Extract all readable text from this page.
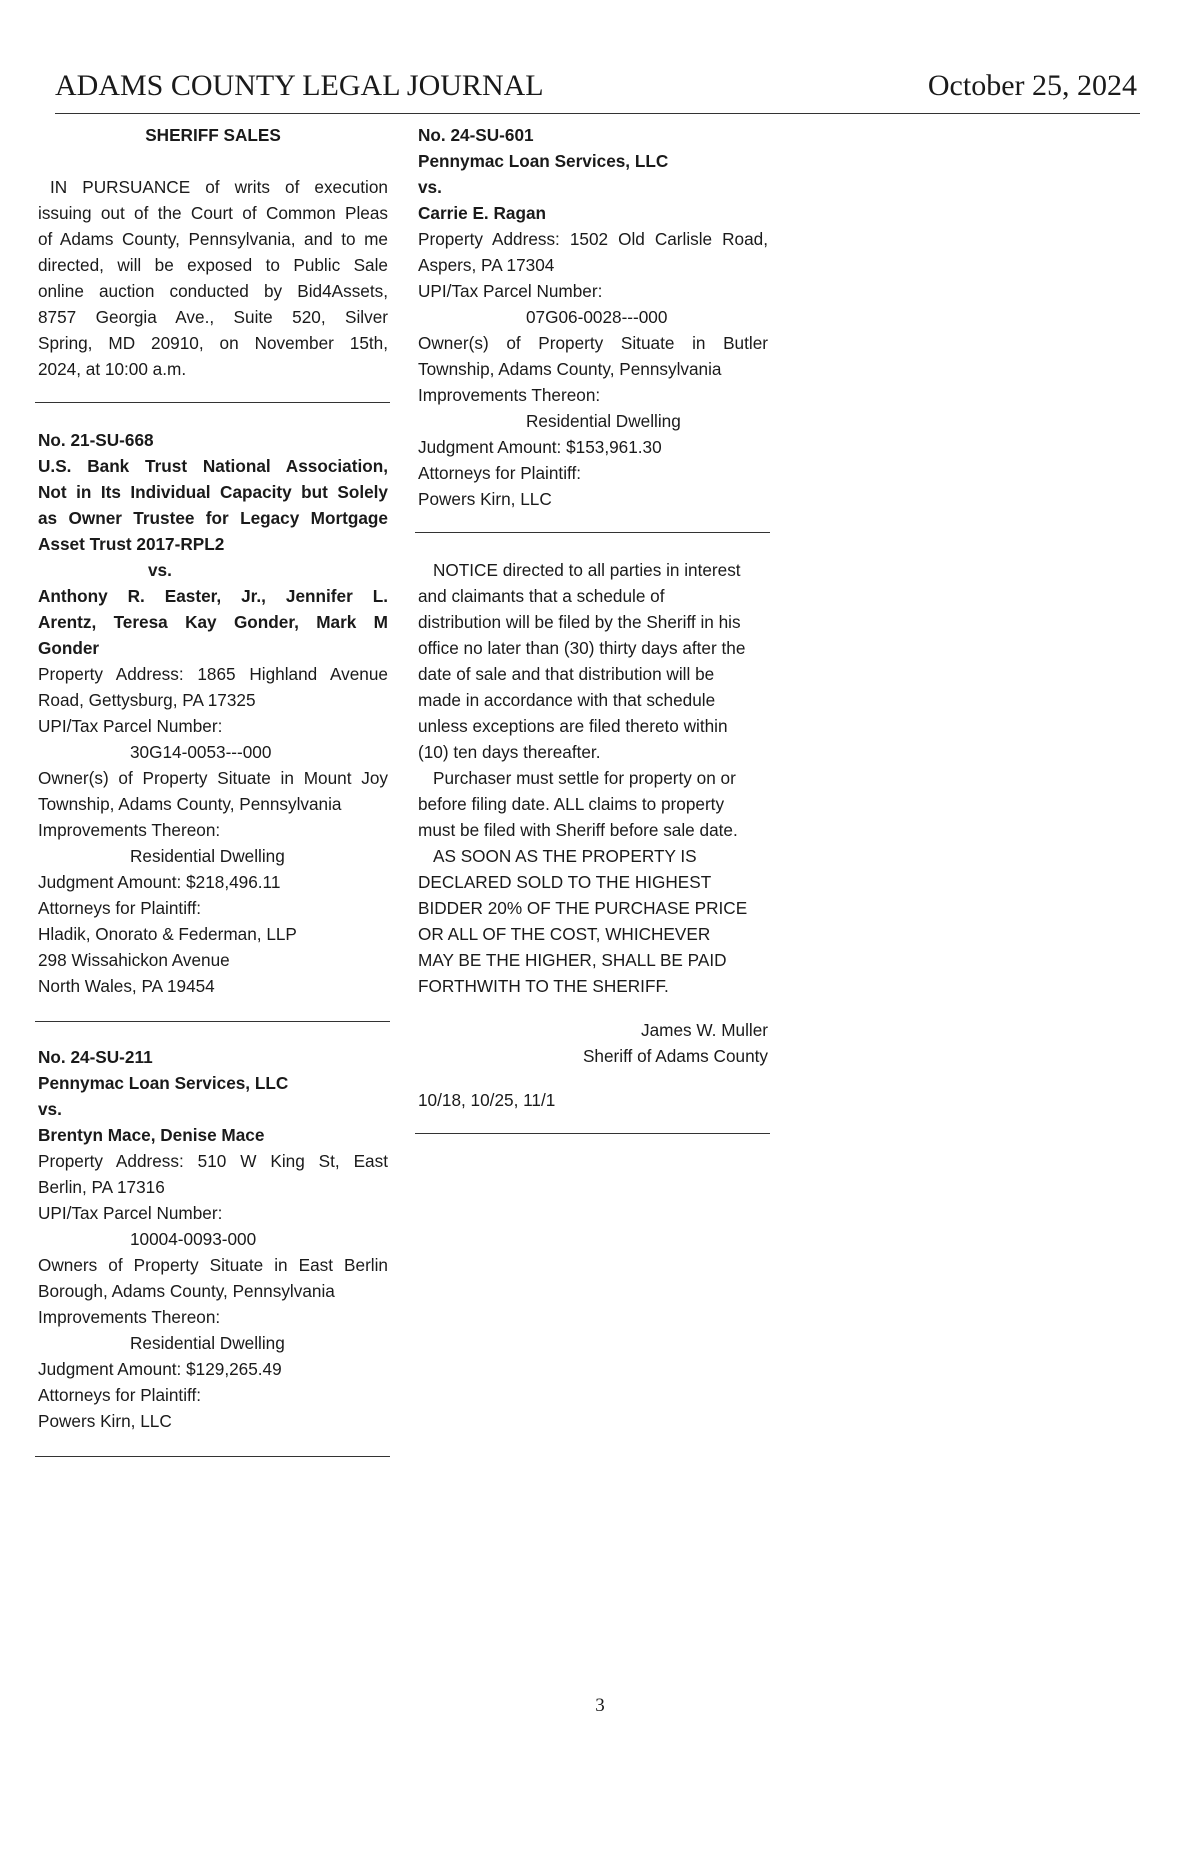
ADAMS COUNTY LEGAL JOURNAL	October 25, 2024
SHERIFF SALES
IN PURSUANCE of writs of execution
issuing out of the Court of Common Pleas
of Adams County, Pennsylvania, and to me
directed, will be exposed to Public Sale
online auction conducted by Bid4Assets,
8757 Georgia Ave., Suite 520, Silver
Spring, MD 20910, on November 15th,
2024, at 10:00 a.m.
No. 21-SU-668
U.S. Bank Trust National Association,
Not in Its Individual Capacity but Solely
as Owner Trustee for Legacy Mortgage
Asset Trust 2017-RPL2
vs.
Anthony R. Easter, Jr., Jennifer L.
Arentz, Teresa Kay Gonder, Mark M
Gonder
Property Address: 1865 Highland Avenue
Road, Gettysburg, PA 17325
UPI/Tax Parcel Number:
30G14-0053---000
Owner(s) of Property Situate in Mount Joy
Township, Adams County, Pennsylvania
Improvements Thereon:
Residential Dwelling
Judgment Amount: $218,496.11
Attorneys for Plaintiff:
Hladik, Onorato & Federman, LLP
298 Wissahickon Avenue
North Wales, PA 19454
No. 24-SU-211
Pennymac Loan Services, LLC
vs.
Brentyn Mace, Denise Mace
Property Address: 510 W King St, East
Berlin, PA 17316
UPI/Tax Parcel Number:
10004-0093-000
Owners of Property Situate in East Berlin
Borough, Adams County, Pennsylvania
Improvements Thereon:
Residential Dwelling
Judgment Amount: $129,265.49
Attorneys for Plaintiff:
Powers Kirn, LLC
No. 24-SU-601
Pennymac Loan Services, LLC
vs.
Carrie E. Ragan
Property Address: 1502 Old Carlisle Road,
Aspers, PA 17304
UPI/Tax Parcel Number:
07G06-0028---000
Owner(s) of Property Situate in Butler
Township, Adams County, Pennsylvania
Improvements Thereon:
Residential Dwelling
Judgment Amount: $153,961.30
Attorneys for Plaintiff:
Powers Kirn, LLC
NOTICE directed to all parties in interest
and claimants that a schedule of
distribution will be filed by the Sheriff in his
office no later than (30) thirty days after the
date of sale and that distribution will be
made in accordance with that schedule
unless exceptions are filed thereto within
(10) ten days thereafter.
Purchaser must settle for property on or
before filing date. ALL claims to property
must be filed with Sheriff before sale date.
AS SOON AS THE PROPERTY IS
DECLARED SOLD TO THE HIGHEST
BIDDER 20% OF THE PURCHASE PRICE
OR ALL OF THE COST, WHICHEVER
MAY BE THE HIGHER, SHALL BE PAID
FORTHWITH TO THE SHERIFF.
James W. Muller
Sheriff of Adams County
10/18, 10/25, 11/1
3
